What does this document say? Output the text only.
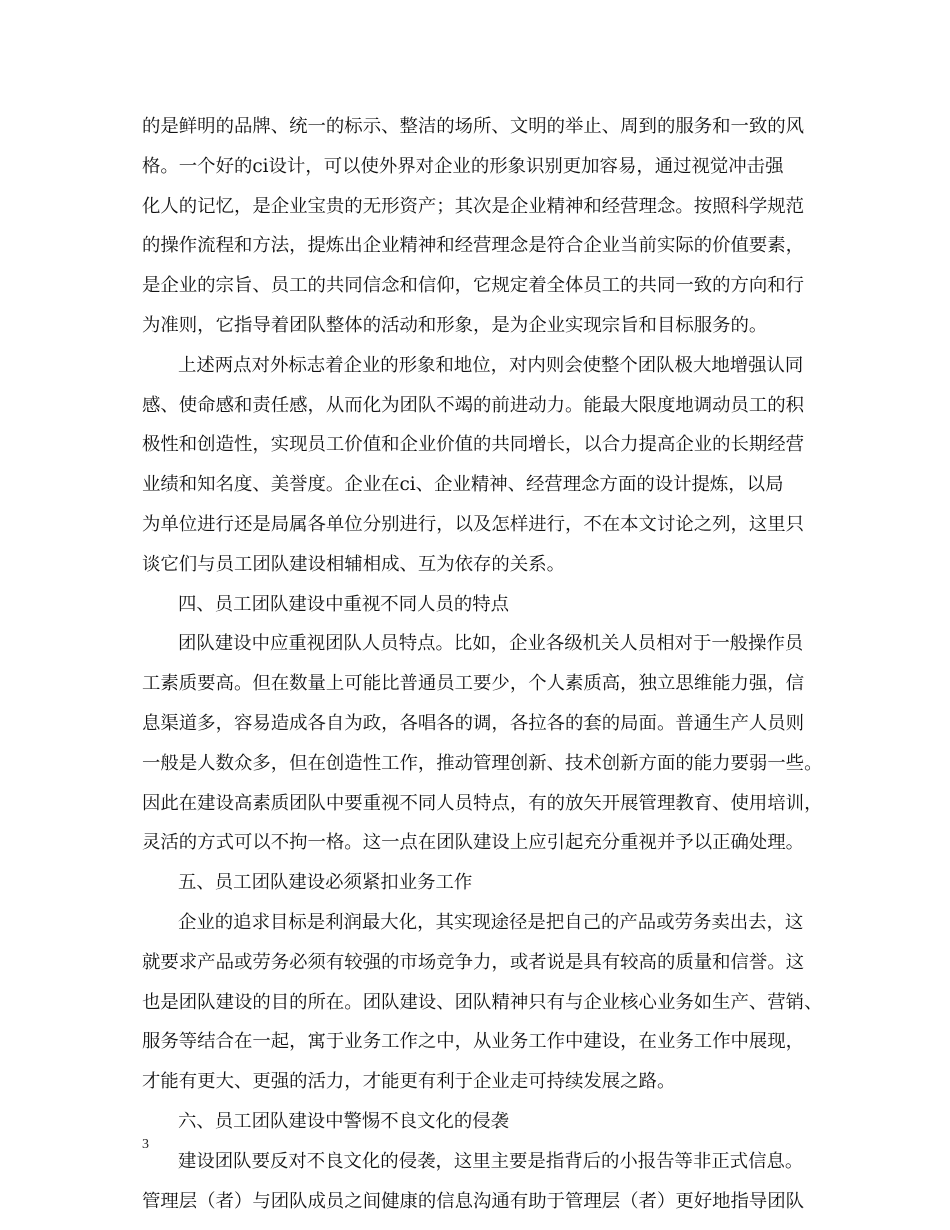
的是鲜明的品牌、统一的标示、整洁的场所、文明的举止、周到的服务和一致的风
格。一个好的ci设计，可以使外界对企业的形象识别更加容易，通过视觉冲击强
化人的记忆，是企业宝贵的无形资产；其次是企业精神和经营理念。按照科学规范
的操作流程和方法，提炼出企业精神和经营理念是符合企业当前实际的价值要素，
是企业的宗旨、员工的共同信念和信仰，它规定着全体员工的共同一致的方向和行
为准则，它指导着团队整体的活动和形象，是为企业实现宗旨和目标服务的。
上述两点对外标志着企业的形象和地位，对内则会使整个团队极大地增强认同
感、使命感和责任感，从而化为团队不竭的前进动力。能最大限度地调动员工的积
极性和创造性，实现员工价值和企业价值的共同增长，以合力提高企业的长期经营
业绩和知名度、美誉度。企业在ci、企业精神、经营理念方面的设计提炼，以局
为单位进行还是局属各单位分别进行，以及怎样进行，不在本文讨论之列，这里只
谈它们与员工团队建设相辅相成、互为依存的关系。
四、员工团队建设中重视不同人员的特点
团队建设中应重视团队人员特点。比如，企业各级机关人员相对于一般操作员
工素质要高。但在数量上可能比普通员工要少，个人素质高，独立思维能力强，信
息渠道多，容易造成各自为政，各唱各的调，各拉各的套的局面。普通生产人员则
一般是人数众多，但在创造性工作，推动管理创新、技术创新方面的能力要弱一些。
因此在建设高素质团队中要重视不同人员特点，有的放矢开展管理教育、使用培训，
灵活的方式可以不拘一格。这一点在团队建设上应引起充分重视并予以正确处理。
五、员工团队建设必须紧扣业务工作
企业的追求目标是利润最大化，其实现途径是把自己的产品或劳务卖出去，这
就要求产品或劳务必须有较强的市场竞争力，或者说是具有较高的质量和信誉。这
也是团队建设的目的所在。团队建设、团队精神只有与企业核心业务如生产、营销、
服务等结合在一起，寓于业务工作之中，从业务工作中建设，在业务工作中展现，
才能有更大、更强的活力，才能更有利于企业走可持续发展之路。
六、员工团队建设中警惕不良文化的侵袭
建设团队要反对不良文化的侵袭，这里主要是指背后的小报告等非正式信息。
管理层（者）与团队成员之间健康的信息沟通有助于管理层（者）更好地指导团队
3
